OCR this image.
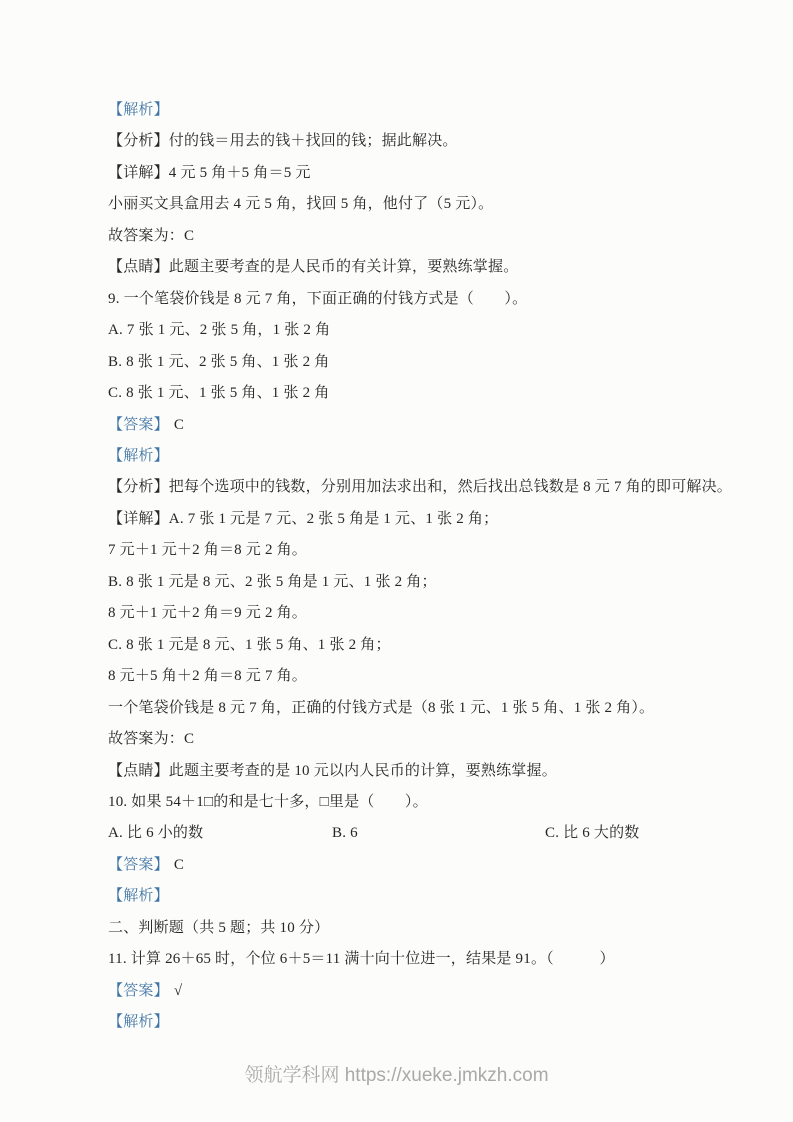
【解析】

【分析】付的钱＝用去的钱＋找回的钱；据此解决。

【详解】4 元 5 角＋5 角＝5 元

小丽买文具盒用去 4 元 5 角，找回 5 角，他付了（5 元）。

故答案为：C

【点睛】此题主要考查的是人民币的有关计算，要熟练掌握。

9. 一个笔袋价钱是 8 元 7 角，下面正确的付钱方式是（　　）。

A. 7 张 1 元、2 张 5 角，1 张 2 角

B. 8 张 1 元、2 张 5 角、1 张 2 角

C. 8 张 1 元、1 张 5 角、1 张 2 角

【答案】 C

【解析】

【分析】把每个选项中的钱数，分别用加法求出和，然后找出总钱数是 8 元 7 角的即可解决。

【详解】A. 7 张 1 元是 7 元、2 张 5 角是 1 元、1 张 2 角；

7 元＋1 元＋2 角＝8 元 2 角。

B. 8 张 1 元是 8 元、2 张 5 角是 1 元、1 张 2 角；

8 元＋1 元＋2 角＝9 元 2 角。

C. 8 张 1 元是 8 元、1 张 5 角、1 张 2 角；

8 元＋5 角＋2 角＝8 元 7 角。

一个笔袋价钱是 8 元 7 角，正确的付钱方式是（8 张 1 元、1 张 5 角、1 张 2 角）。

故答案为：C

【点睛】此题主要考查的是 10 元以内人民币的计算，要熟练掌握。

10. 如果 54＋1□的和是七十多，□里是（　　）。

A. 比 6 小的数	B. 6	C. 比 6 大的数

【答案】 C

【解析】

二、判断题（共 5 题；共 10 分）

11. 计算 26＋65 时，个位 6＋5＝11 满十向十位进一，结果是 91。（　　　）

【答案】 √

【解析】

领航学科网 https://xueke.jmkzh.com
